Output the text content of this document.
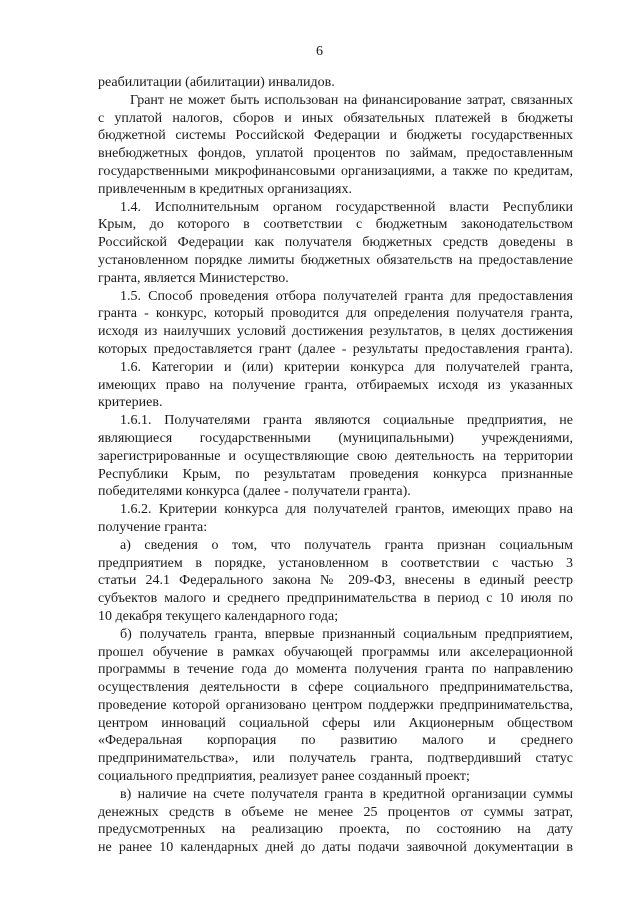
6
реабилитации (абилитации) инвалидов.
Грант не может быть использован на финансирование затрат, связанных
с уплатой налогов, сборов и иных обязательных платежей в бюджеты
бюджетной системы Российской Федерации и бюджеты государственных
внебюджетных фондов, уплатой процентов по займам, предоставленным
государственными микрофинансовыми организациями, а также по кредитам,
привлеченным в кредитных организациях.
1.4. Исполнительным органом государственной власти Республики
Крым, до которого в соответствии с бюджетным законодательством
Российской Федерации как получателя бюджетных средств доведены в
установленном порядке лимиты бюджетных обязательств на предоставление
гранта, является Министерство.
1.5. Способ проведения отбора получателей гранта для предоставления
гранта - конкурс, который проводится для определения получателя гранта,
исходя из наилучших условий достижения результатов, в целях достижения
которых предоставляется грант (далее - результаты предоставления гранта).
1.6. Категории и (или) критерии конкурса для получателей гранта,
имеющих право на получение гранта, отбираемых исходя из указанных
критериев.
1.6.1. Получателями гранта являются социальные предприятия, не
являющиеся государственными (муниципальными) учреждениями,
зарегистрированные и осуществляющие свою деятельность на территории
Республики Крым, по результатам проведения конкурса признанные
победителями конкурса (далее - получатели гранта).
1.6.2. Критерии конкурса для получателей грантов, имеющих право на
получение гранта:
а) сведения о том, что получатель гранта признан социальным
предприятием в порядке, установленном в соответствии с частью 3
статьи 24.1 Федерального закона № 209-ФЗ, внесены в единый реестр
субъектов малого и среднего предпринимательства в период с 10 июля по
10 декабря текущего календарного года;
б) получатель гранта, впервые признанный социальным предприятием,
прошел обучение в рамках обучающей программы или акселерационной
программы в течение года до момента получения гранта по направлению
осуществления деятельности в сфере социального предпринимательства,
проведение которой организовано центром поддержки предпринимательства,
центром инноваций социальной сферы или Акционерным обществом
«Федеральная корпорация по развитию малого и среднего
предпринимательства», или получатель гранта, подтвердивший статус
социального предприятия, реализует ранее созданный проект;
в) наличие на счете получателя гранта в кредитной организации суммы
денежных средств в объеме не менее 25 процентов от суммы затрат,
предусмотренных на реализацию проекта, по состоянию на дату
не ранее 10 календарных дней до даты подачи заявочной документации в
